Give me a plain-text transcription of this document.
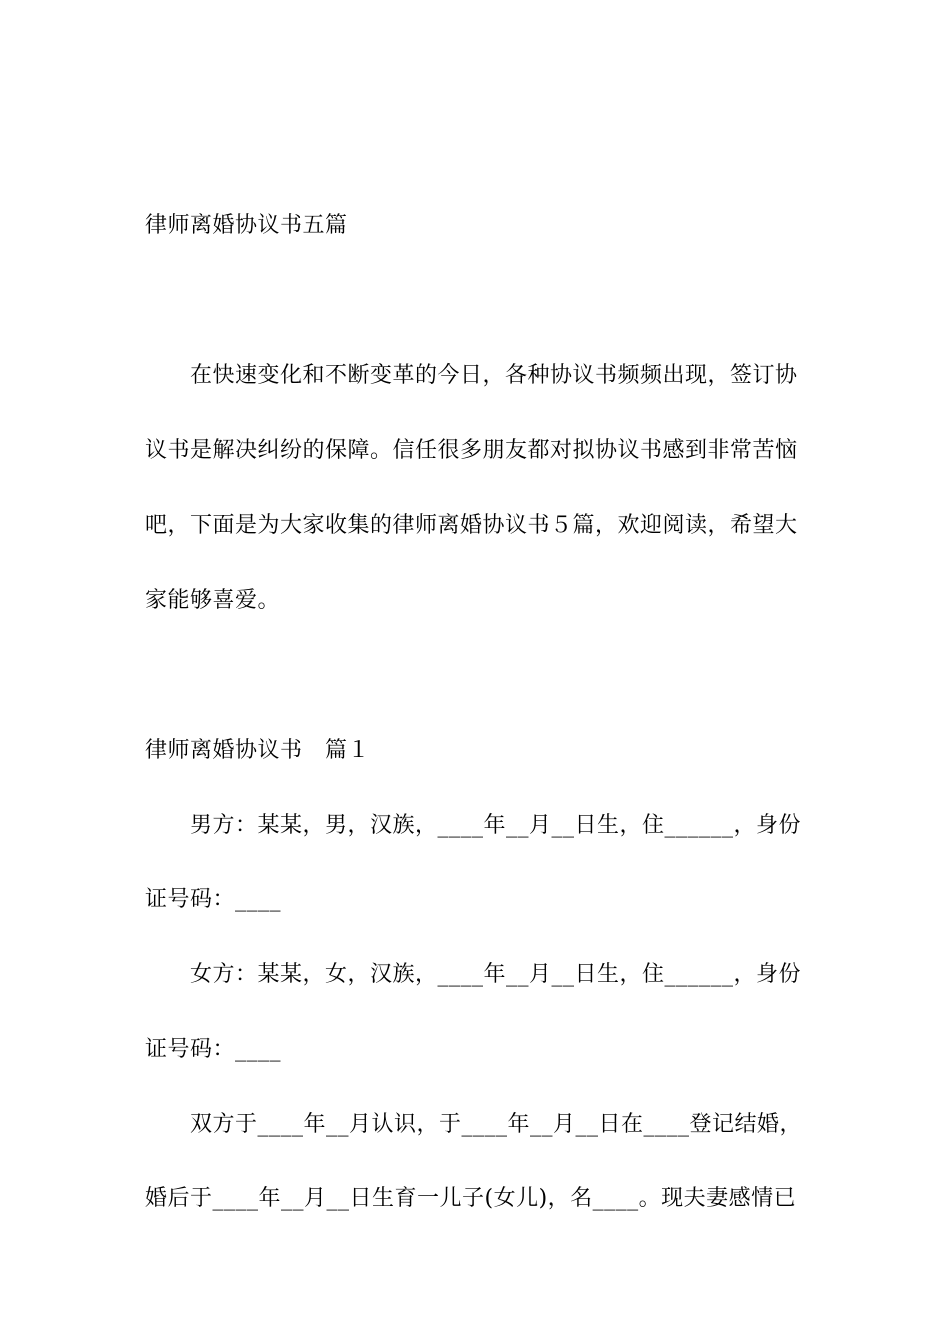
律师离婚协议书五篇
在快速变化和不断变革的今日，各种协议书频频出现，签订协
议书是解决纠纷的保障。信任很多朋友都对拟协议书感到非常苦恼
吧，下面是为大家收集的律师离婚协议书５篇，欢迎阅读，希望大
家能够喜爱。
律师离婚协议书　篇１
男方：某某，男，汉族，____年__月__日生，住______，身份
证号码：____
女方：某某，女，汉族，____年__月__日生，住______，身份
证号码：____
双方于____年__月认识，于____年__月__日在____登记结婚，
婚后于____年__月__日生育一儿子(女儿)，名____。现夫妻感情已
